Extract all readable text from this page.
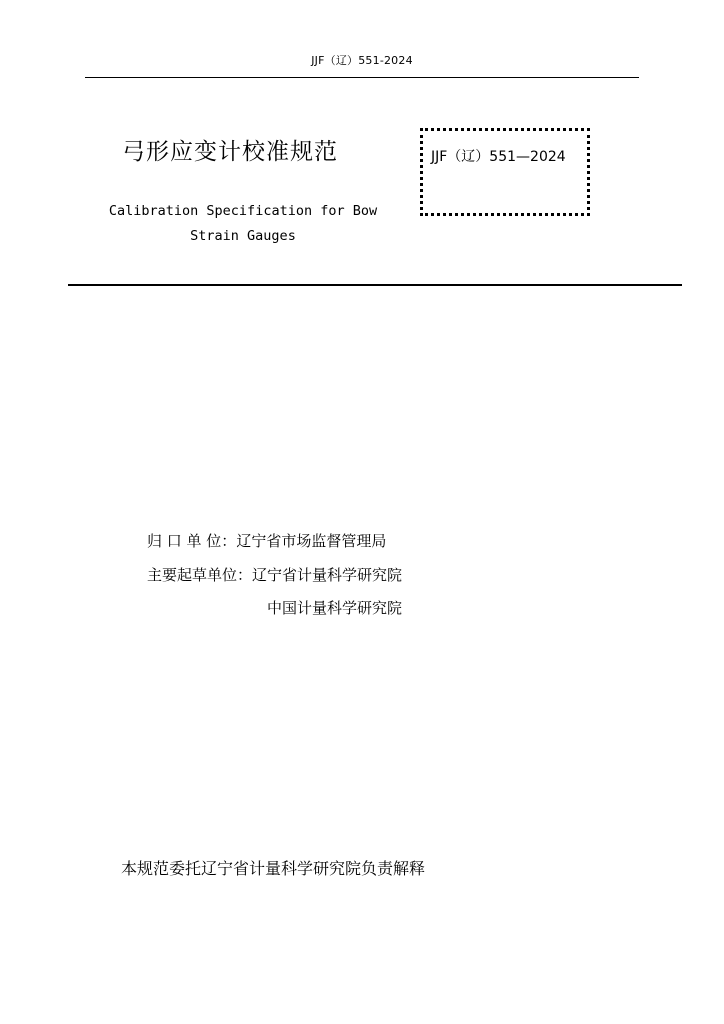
JJF（辽）551-2024
弓形应变计校准规范	JJF（辽）551—2024
Calibration Specification for Bow
Strain Gauges
归 口 单 位：辽宁省市场监督管理局
主要起草单位：辽宁省计量科学研究院
中国计量科学研究院
本规范委托辽宁省计量科学研究院负责解释
